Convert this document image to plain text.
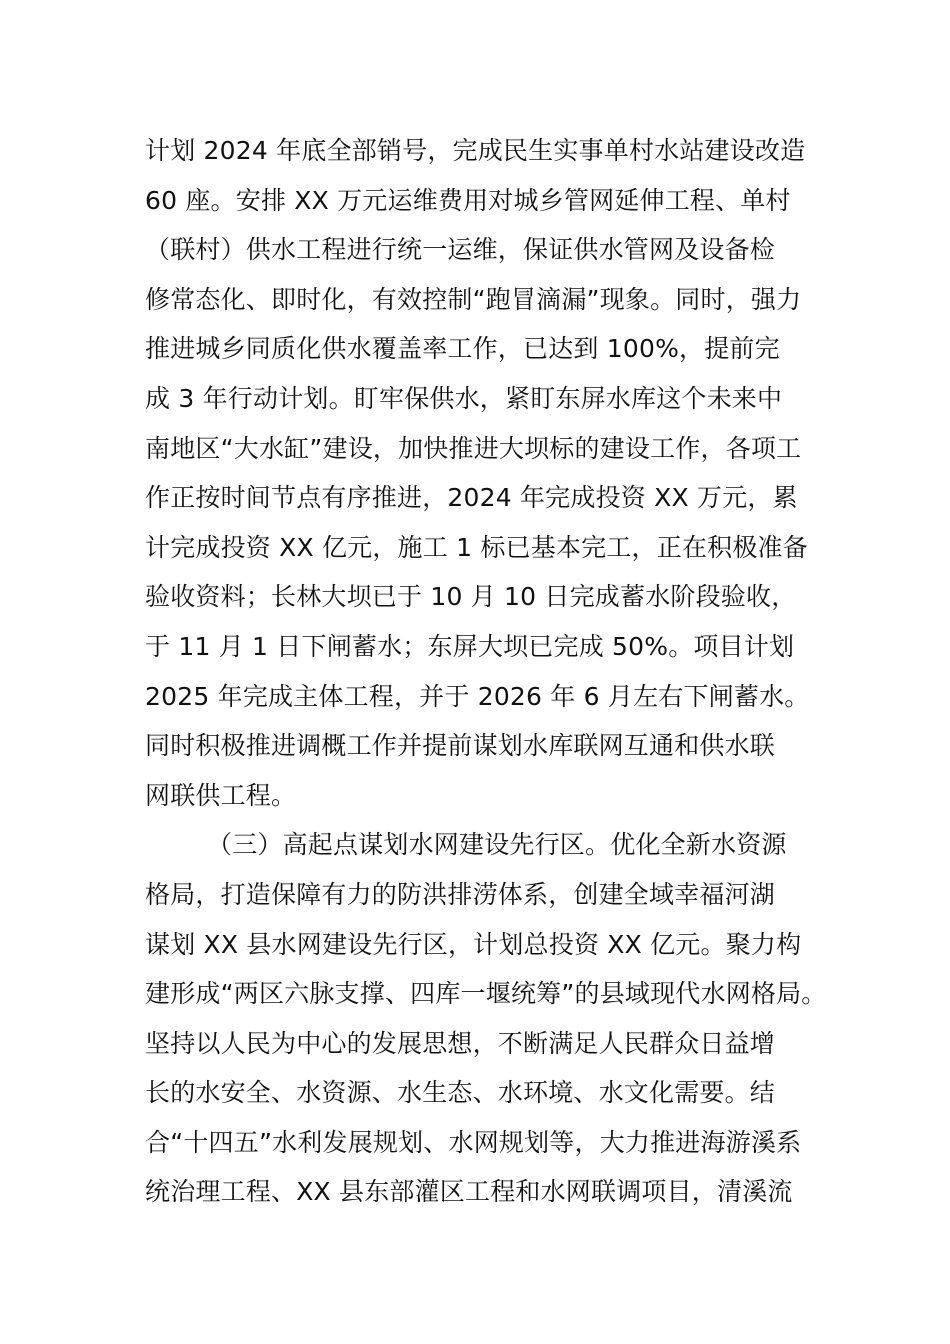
计划 2024 年底全部销号，完成民生实事单村水站建设改造
60 座。安排 XX 万元运维费用对城乡管网延伸工程、单村
（联村）供水工程进行统一运维，保证供水管网及设备检
修常态化、即时化，有效控制“跑冒滴漏”现象。同时，强力
推进城乡同质化供水覆盖率工作，已达到 100%，提前完
成 3 年行动计划。盯牢保供水，紧盯东屏水库这个未来中
南地区“大水缸”建设，加快推进大坝标的建设工作，各项工
作正按时间节点有序推进，2024 年完成投资 XX 万元，累
计完成投资 XX 亿元，施工 1 标已基本完工，正在积极准备
验收资料；长林大坝已于 10 月 10 日完成蓄水阶段验收，
于 11 月 1 日下闸蓄水；东屏大坝已完成 50%。项目计划
2025 年完成主体工程，并于 2026 年 6 月左右下闸蓄水。
同时积极推进调概工作并提前谋划水库联网互通和供水联
网联供工程。
（三）高起点谋划水网建设先行区。优化全新水资源
格局，打造保障有力的防洪排涝体系，创建全域幸福河湖
谋划 XX 县水网建设先行区，计划总投资 XX 亿元。聚力构
建形成“两区六脉支撑、四库一堰统筹”的县域现代水网格局。
坚持以人民为中心的发展思想，不断满足人民群众日益增
长的水安全、水资源、水生态、水环境、水文化需要。结
合“十四五”水利发展规划、水网规划等，大力推进海游溪系
统治理工程、XX 县东部灌区工程和水网联调项目，清溪流
